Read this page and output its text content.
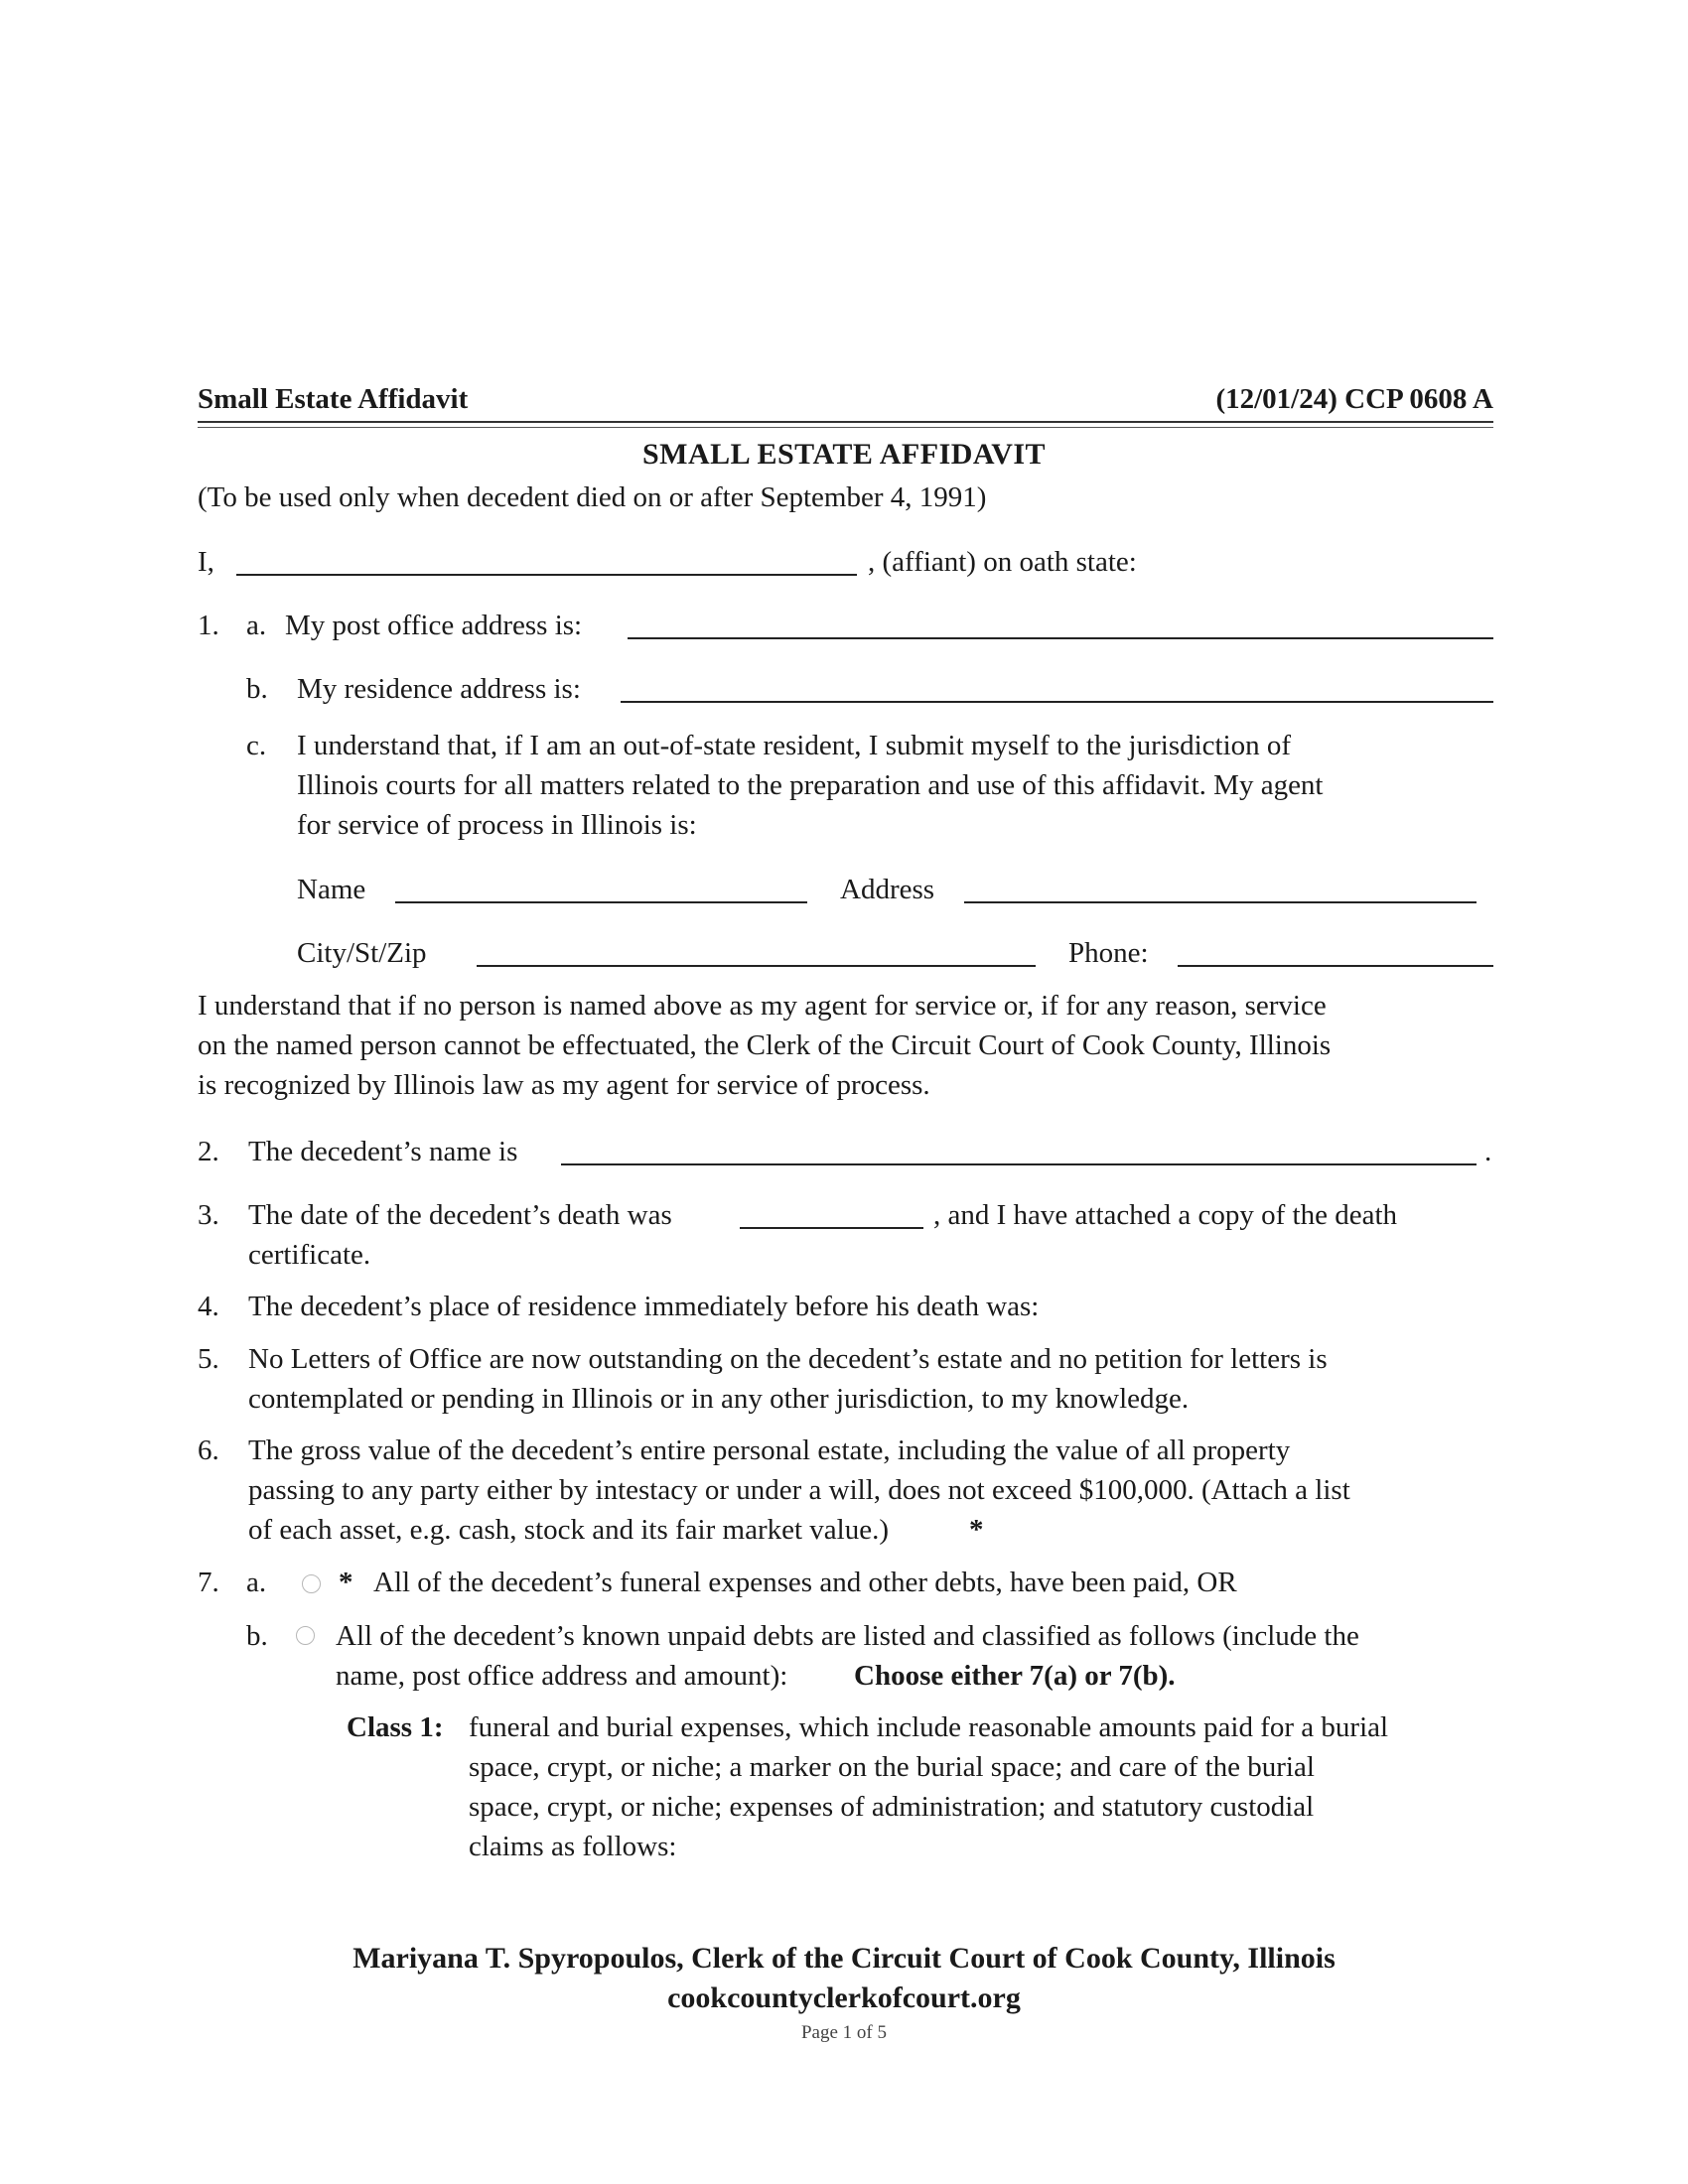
Small Estate Affidavit	(12/01/24) CCP 0608 A
SMALL ESTATE AFFIDAVIT
(To be used only when decedent died on or after September 4, 1991)
I,	, (affiant) on oath state:
1. a. My post office address is:
b. My residence address is:
c. I understand that, if I am an out-of-state resident, I submit myself to the jurisdiction of
Illinois courts for all matters related to the preparation and use of this affidavit. My agent
for service of process in Illinois is:
Name	Address
City/St/Zip	Phone:
I understand that if no person is named above as my agent for service or, if for any reason, service
on the named person cannot be effectuated, the Clerk of the Circuit Court of Cook County, Illinois
is recognized by Illinois law as my agent for service of process.
2. The decedent’s name is	.
3. The date of the decedent’s death was	, and I have attached a copy of the death
certificate.
4. The decedent’s place of residence immediately before his death was:
5. No Letters of Office are now outstanding on the decedent’s estate and no petition for letters is
contemplated or pending in Illinois or in any other jurisdiction, to my knowledge.
6. The gross value of the decedent’s entire personal estate, including the value of all property
passing to any party either by intestacy or under a will, does not exceed $100,000. (Attach a list
of each asset, e.g. cash, stock and its fair market value.)	*
7. a.	* All of the decedent’s funeral expenses and other debts, have been paid, OR
b. All of the decedent’s known unpaid debts are listed and classified as follows (include the
name, post office address and amount): Choose either 7(a) or 7(b).
Class 1: funeral and burial expenses, which include reasonable amounts paid for a burial
space, crypt, or niche; a marker on the burial space; and care of the burial
space, crypt, or niche; expenses of administration; and statutory custodial
claims as follows:
Mariyana T. Spyropoulos, Clerk of the Circuit Court of Cook County, Illinois
cookcountyclerkofcourt.org
Page 1 of 5
